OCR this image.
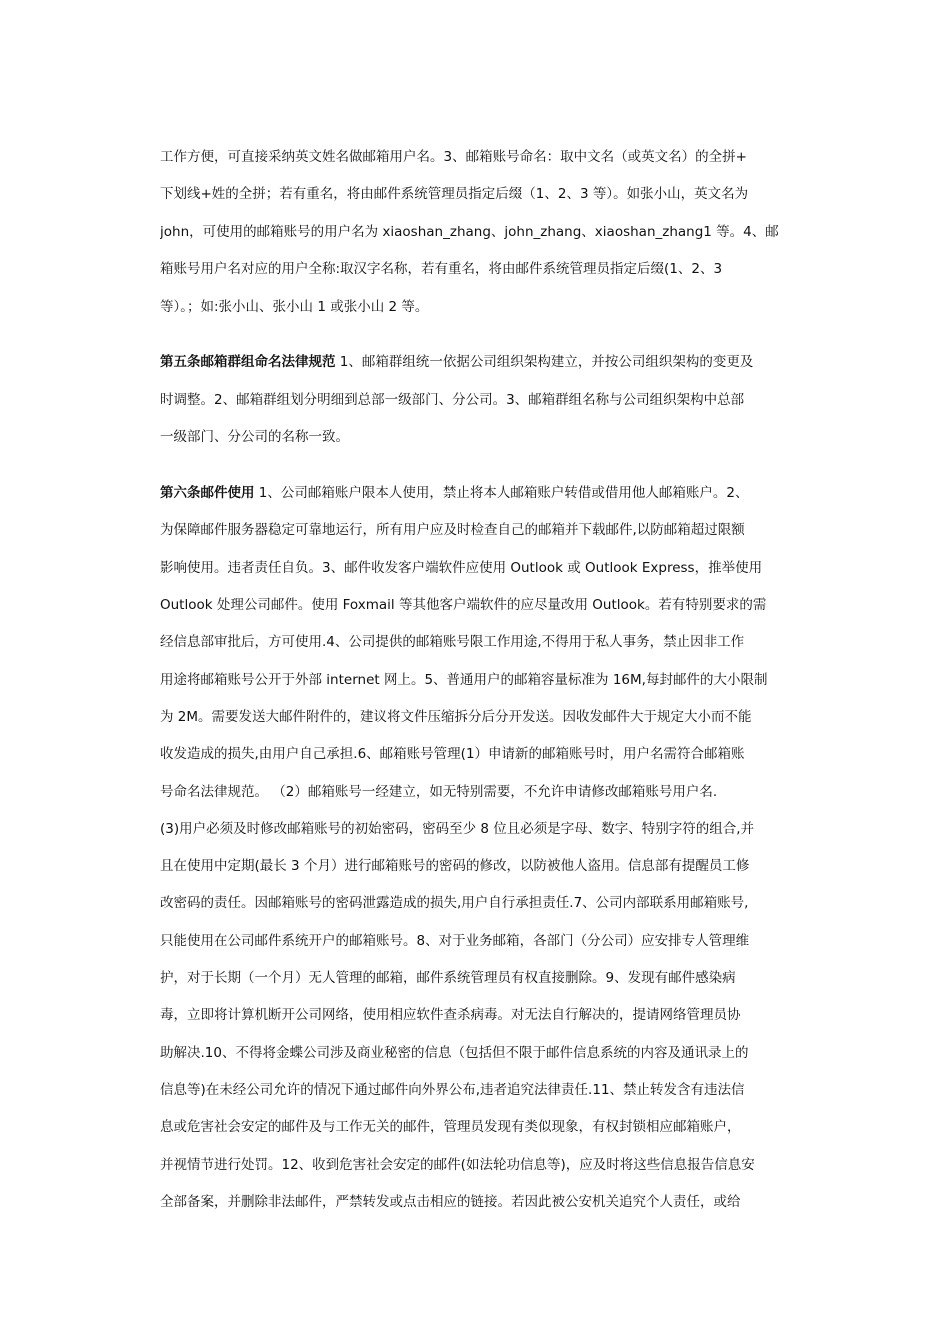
工作方便，可直接采纳英文姓名做邮箱用户名。3、邮箱账号命名：取中文名（或英文名）的全拼+
下划线+姓的全拼；若有重名，将由邮件系统管理员指定后缀（1、2、3 等）。如张小山，英文名为
john，可使用的邮箱账号的用户名为 xiaoshan_zhang、john_zhang、xiaoshan_zhang1 等。4、邮
箱账号用户名对应的用户全称:取汉字名称，若有重名，将由邮件系统管理员指定后缀(1、2、3
等）。；如:张小山、张小山 1 或张小山 2 等。
第五条邮箱群组命名法律规范 1、邮箱群组统一依据公司组织架构建立，并按公司组织架构的变更及
时调整。2、邮箱群组划分明细到总部一级部门、分公司。3、邮箱群组名称与公司组织架构中总部
一级部门、分公司的名称一致。
第六条邮件使用 1、公司邮箱账户限本人使用，禁止将本人邮箱账户转借或借用他人邮箱账户。2、
为保障邮件服务器稳定可靠地运行，所有用户应及时检查自己的邮箱并下载邮件,以防邮箱超过限额
影响使用。违者责任自负。3、邮件收发客户端软件应使用 Outlook 或 Outlook Express，推举使用
Outlook 处理公司邮件。使用 Foxmail 等其他客户端软件的应尽量改用 Outlook。若有特别要求的需
经信息部审批后，方可使用.4、公司提供的邮箱账号限工作用途,不得用于私人事务，禁止因非工作
用途将邮箱账号公开于外部 internet 网上。5、普通用户的邮箱容量标准为 16M,每封邮件的大小限制
为 2M。需要发送大邮件附件的，建议将文件压缩拆分后分开发送。因收发邮件大于规定大小而不能
收发造成的损失,由用户自己承担.6、邮箱账号管理(1）申请新的邮箱账号时，用户名需符合邮箱账
号命名法律规范。 （2）邮箱账号一经建立，如无特别需要，不允许申请修改邮箱账号用户名.
(3)用户必须及时修改邮箱账号的初始密码，密码至少 8 位且必须是字母、数字、特别字符的组合,并
且在使用中定期(最长 3 个月）进行邮箱账号的密码的修改，以防被他人盗用。信息部有提醒员工修
改密码的责任。因邮箱账号的密码泄露造成的损失,用户自行承担责任.7、公司内部联系用邮箱账号,
只能使用在公司邮件系统开户的邮箱账号。8、对于业务邮箱，各部门（分公司）应安排专人管理维
护，对于长期（一个月）无人管理的邮箱，邮件系统管理员有权直接删除。9、发现有邮件感染病
毒，立即将计算机断开公司网络，使用相应软件查杀病毒。对无法自行解决的，提请网络管理员协
助解决.10、不得将金蝶公司涉及商业秘密的信息（包括但不限于邮件信息系统的内容及通讯录上的
信息等)在未经公司允许的情况下通过邮件向外界公布,违者追究法律责任.11、禁止转发含有违法信
息或危害社会安定的邮件及与工作无关的邮件，管理员发现有类似现象，有权封锁相应邮箱账户，
并视情节进行处罚。12、收到危害社会安定的邮件(如法轮功信息等)，应及时将这些信息报告信息安
全部备案，并删除非法邮件，严禁转发或点击相应的链接。若因此被公安机关追究个人责任，或给
